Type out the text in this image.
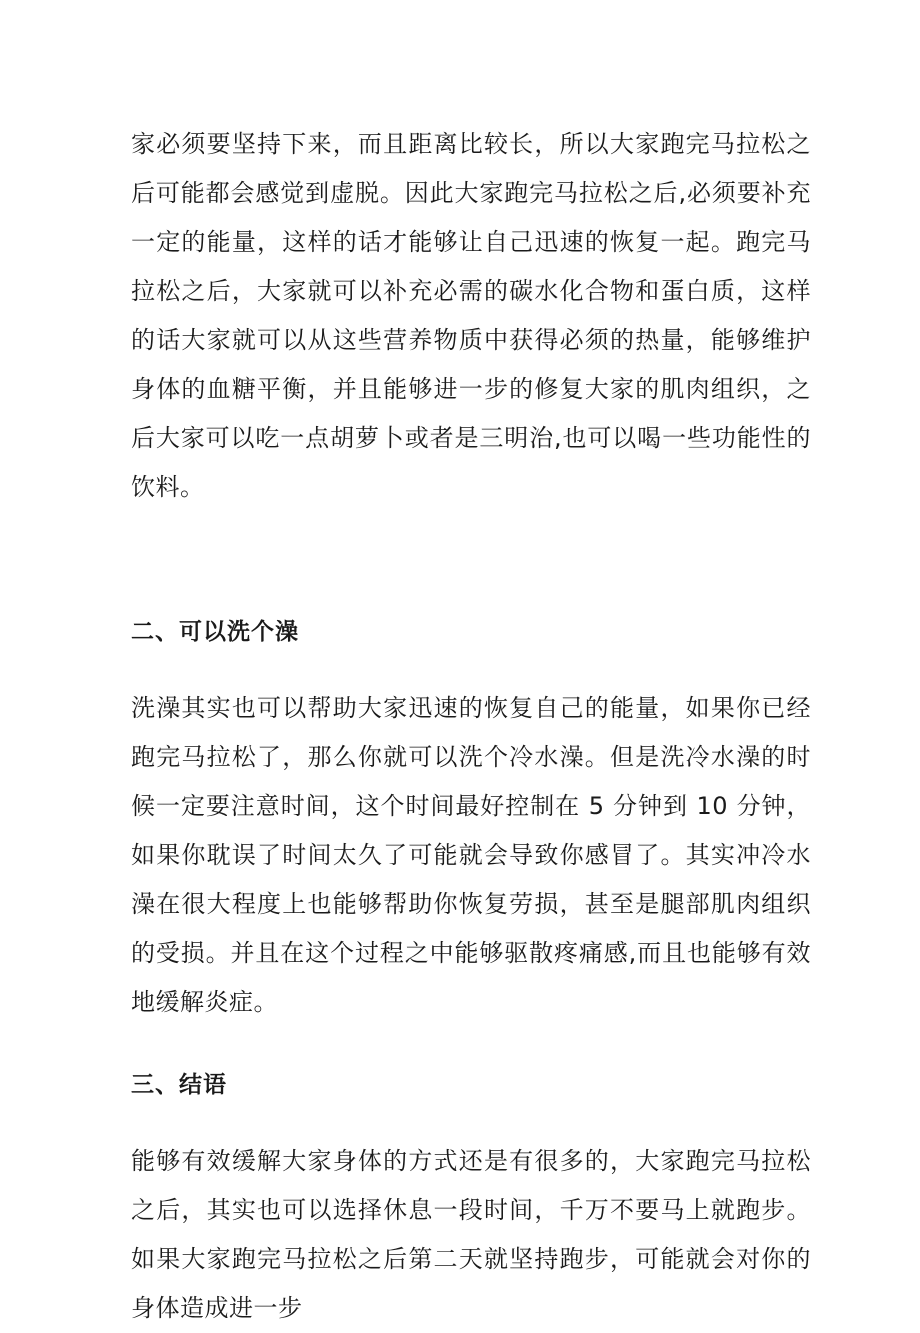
家必须要坚持下来，而且距离比较长，所以大家跑完马拉松之后可能都会感觉到虚脱。因此大家跑完马拉松之后,必须要补充一定的能量，这样的话才能够让自己迅速的恢复一起。跑完马拉松之后，大家就可以补充必需的碳水化合物和蛋白质，这样的话大家就可以从这些营养物质中获得必须的热量，能够维护身体的血糖平衡，并且能够进一步的修复大家的肌肉组织，之后大家可以吃一点胡萝卜或者是三明治,也可以喝一些功能性的饮料。

二、可以洗个澡

洗澡其实也可以帮助大家迅速的恢复自己的能量，如果你已经跑完马拉松了，那么你就可以洗个冷水澡。但是洗冷水澡的时候一定要注意时间，这个时间最好控制在 5 分钟到 10 分钟，如果你耽误了时间太久了可能就会导致你感冒了。其实冲冷水澡在很大程度上也能够帮助你恢复劳损，甚至是腿部肌肉组织的受损。并且在这个过程之中能够驱散疼痛感,而且也能够有效地缓解炎症。

三、结语

能够有效缓解大家身体的方式还是有很多的，大家跑完马拉松之后，其实也可以选择休息一段时间，千万不要马上就跑步。如果大家跑完马拉松之后第二天就坚持跑步，可能就会对你的身体造成进一步
